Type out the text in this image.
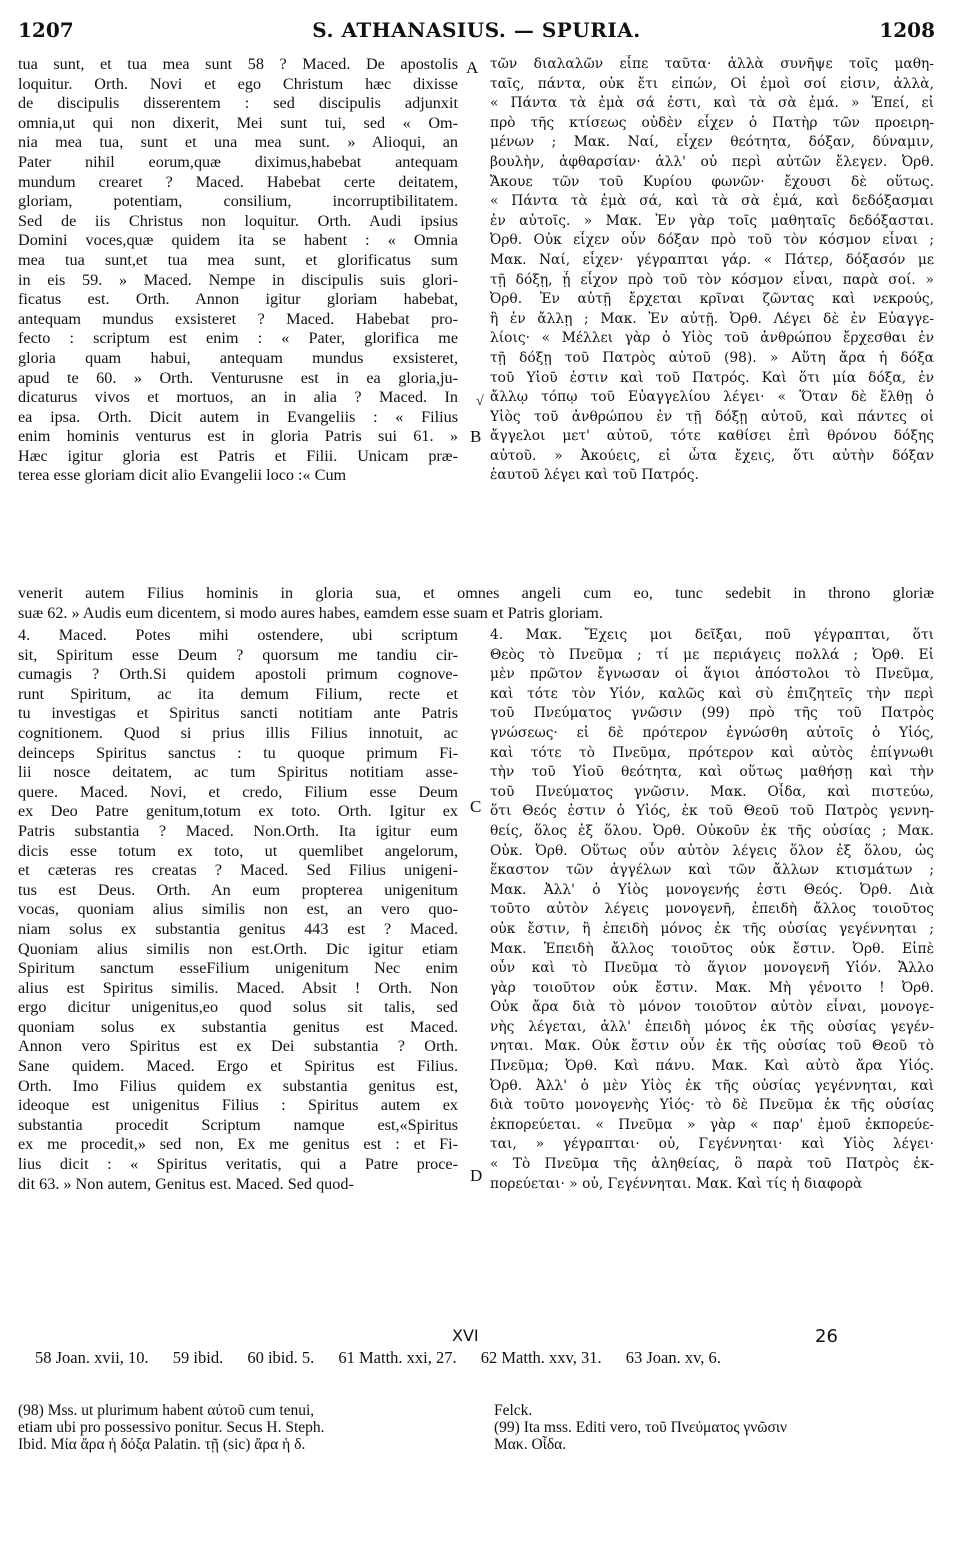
1207	S. ATHANASIUS. — SPURIA.	1208
tua sunt, et tua mea sunt 58 ? Maced. De apostolis
loquitur. Orth. Novi et ego Christum hæc dixisse
de discipulis disserentem : sed discipulis adjunxit
omnia,ut qui non dixerit, Mei sunt tui, sed « Om-
nia mea tua, sunt et una mea sunt. » Alioqui, an
Pater nihil eorum,quæ diximus,habebat antequam
mundum crearet ? Maced. Habebat certe deitatem,
gloriam, potentiam, consilium, incorruptibilitatem.
Sed de iis Christus non loquitur. Orth. Audi ipsius
Domini voces,quæ quidem ita se habent : « Omnia
mea tua sunt,et tua mea sunt, et glorificatus sum
in eis 59. » Maced. Nempe in discipulis suis glori-
ficatus est. Orth. Annon igitur gloriam habebat,
antequam mundus exsisteret ? Maced. Habebat pro-
fecto : scriptum est enim : « Pater, glorifica me
gloria quam habui, antequam mundus exsisteret,
apud te 60. » Orth. Venturusne est in ea gloria,ju-
dicaturus vivos et mortuos, an in alia ? Maced. In
ea ipsa. Orth. Dicit autem in Evangeliis : « Filius
enim hominis venturus est in gloria Patris sui 61. »
Hæc igitur gloria est Patris et Filii. Unicam præ-
terea esse gloriam dicit alio Evangelii loco :« Cum
τῶν διαλαλῶν εἶπε ταῦτα· ἀλλὰ συνῆψε τοῖς μαθη-
ταῖς, πάντα, οὐκ ἔτι εἰπών, Οἱ ἐμοὶ σοί εἰσιν, ἀλλὰ,
« Πάντα τὰ ἐμὰ σά ἐστι, καὶ τὰ σὰ ἐμά. » Ἐπεί, εἰ
πρὸ τῆς κτίσεως οὐδὲν εἶχεν ὁ Πατὴρ τῶν προειρη-
μένων ; Μακ. Ναί, εἶχεν θεότητα, δόξαν, δύναμιν,
βουλὴν, ἀφθαρσίαν· ἀλλ' οὐ περὶ αὐτῶν ἔλεγεν. Ὀρθ.
Ἄκουε τῶν τοῦ Κυρίου φωνῶν· ἔχουσι δὲ οὕτως.
« Πάντα τὰ ἐμὰ σά, καὶ τὰ σὰ ἐμά, καὶ δεδόξασμαι
ἐν αὐτοῖς. » Μακ. Ἐν γὰρ τοῖς μαθηταῖς δεδόξασται.
Ὀρθ. Οὐκ εἶχεν οὖν δόξαν πρὸ τοῦ τὸν κόσμον εἶναι ;
Μακ. Ναί, εἶχεν· γέγραπται γάρ. « Πάτερ, δόξασόν με
τῇ δόξῃ, ᾗ εἶχον πρὸ τοῦ τὸν κόσμον εἶναι, παρὰ σοί. »
Ὀρθ. Ἐν αὐτῇ ἔρχεται κρῖναι ζῶντας καὶ νεκρούς,
ἢ ἐν ἄλλῃ ; Μακ. Ἐν αὐτῇ. Ὀρθ. Λέγει δὲ ἐν Εὐαγγε-
λίοις· « Μέλλει γὰρ ὁ Υἱὸς τοῦ ἀνθρώπου ἔρχεσθαι ἐν
τῇ δόξῃ τοῦ Πατρὸς αὐτοῦ (98). » Αὕτη ἄρα ἡ δόξα
τοῦ Υἱοῦ ἐστιν καὶ τοῦ Πατρός. Καὶ ὅτι μία δόξα, ἐν
ἄλλῳ τόπῳ τοῦ Εὐαγγελίου λέγει· « Ὅταν δὲ ἔλθῃ ὁ
Υἱὸς τοῦ ἀνθρώπου ἐν τῇ δόξῃ αὐτοῦ, καὶ πάντες οἱ
ἄγγελοι μετ' αὐτοῦ, τότε καθίσει ἐπὶ θρόνου δόξης
αὐτοῦ. » Ἀκούεις, εἰ ὦτα ἔχεις, ὅτι αὐτὴν δόξαν
ἑαυτοῦ λέγει καὶ τοῦ Πατρός.
A
B
C
D
√
venerit autem Filius hominis in gloria sua, et omnes angeli cum eo, tunc sedebit in throno gloriæ
suæ 62. » Audis eum dicentem, si modo aures habes, eamdem esse suam et Patris gloriam.
4. Maced. Potes mihi ostendere, ubi scriptum
sit, Spiritum esse Deum ? quorsum me tandiu cir-
cumagis ? Orth.Si quidem apostoli primum cognove-
runt Spiritum, ac ita demum Filium, recte et
tu investigas et Spiritus sancti notitiam ante Patris
cognitionem. Quod si prius illis Filius innotuit, ac
deinceps Spiritus sanctus : tu quoque primum Fi-
lii nosce deitatem, ac tum Spiritus notitiam asse-
quere. Maced. Novi, et credo, Filium esse Deum
ex Deo Patre genitum,totum ex toto. Orth. Igitur ex
Patris substantia ? Maced. Non.Orth. Ita igitur eum
dicis esse totum ex toto, ut quemlibet angelorum,
et cæteras res creatas ? Maced. Sed Filius unigeni-
tus est Deus. Orth. An eum propterea unigenitum
vocas, quoniam alius similis non est, an vero quo-
niam solus ex substantia genitus 443 est ? Maced.
Quoniam alius similis non est.Orth. Dic igitur etiam
Spiritum sanctum esseFilium unigenitum Nec enim
alius est Spiritus similis. Maced. Absit ! Orth. Non
ergo dicitur unigenitus,eo quod solus sit talis, sed
quoniam solus ex substantia genitus est Maced.
Annon vero Spiritus est ex Dei substantia ? Orth.
Sane quidem. Maced. Ergo et Spiritus est Filius.
Orth. Imo Filius quidem ex substantia genitus est,
ideoque est unigenitus Filius : Spiritus autem ex
substantia procedit Scriptum namque est,«Spiritus
ex me procedit,» sed non, Ex me genitus est : et Fi-
lius dicit : « Spiritus veritatis, qui a Patre proce-
dit 63. » Non autem, Genitus est. Maced. Sed quod-
4. Μακ. Ἔχεις μοι δεῖξαι, ποῦ γέγραπται, ὅτι
Θεὸς τὸ Πνεῦμα ; τί με περιάγεις πολλά ; Ὀρθ. Εἰ
μὲν πρῶτον ἔγνωσαν οἱ ἅγιοι ἀπόστολοι τὸ Πνεῦμα,
καὶ τότε τὸν Υἱόν, καλῶς καὶ σὺ ἐπιζητεῖς τὴν περὶ
τοῦ Πνεύματος γνῶσιν (99) πρὸ τῆς τοῦ Πατρὸς
γνώσεως· εἰ δὲ πρότερον ἐγνώσθη αὐτοῖς ὁ Υἱός,
καὶ τότε τὸ Πνεῦμα, πρότερον καὶ αὐτὸς ἐπίγνωθι
τὴν τοῦ Υἱοῦ θεότητα, καὶ οὕτως μαθήσῃ καὶ τὴν
τοῦ Πνεύματος γνῶσιν. Μακ. Οἶδα, καὶ πιστεύω,
ὅτι Θεός ἐστιν ὁ Υἱός, ἐκ τοῦ Θεοῦ τοῦ Πατρὸς γεννη-
θείς, ὅλος ἐξ ὅλου. Ὀρθ. Οὐκοῦν ἐκ τῆς οὐσίας ; Μακ.
Οὐκ. Ὀρθ. Οὕτως οὖν αὐτὸν λέγεις ὅλον ἐξ ὅλου, ὡς
ἕκαστον τῶν ἀγγέλων καὶ τῶν ἄλλων κτισμάτων ;
Μακ. Ἀλλ' ὁ Υἱὸς μονογενής ἐστι Θεός. Ὀρθ. Διὰ
τοῦτο αὐτὸν λέγεις μονογενῆ, ἐπειδὴ ἄλλος τοιοῦτος
οὐκ ἔστιν, ἢ ἐπειδὴ μόνος ἐκ τῆς οὐσίας γεγέννηται ;
Μακ. Ἐπειδὴ ἄλλος τοιοῦτος οὐκ ἔστιν. Ὀρθ. Εἰπὲ
οὖν καὶ τὸ Πνεῦμα τὸ ἅγιον μονογενῆ Υἱόν. Ἄλλο
γὰρ τοιοῦτον οὐκ ἔστιν. Μακ. Μὴ γένοιτο ! Ὀρθ.
Οὐκ ἄρα διὰ τὸ μόνον τοιοῦτον αὐτὸν εἶναι, μονογε-
νὴς λέγεται, ἀλλ' ἐπειδὴ μόνος ἐκ τῆς οὐσίας γεγέν-
νηται. Μακ. Οὐκ ἔστιν οὖν ἐκ τῆς οὐσίας τοῦ Θεοῦ τὸ
Πνεῦμα; Ὀρθ. Καὶ πάνυ. Μακ. Καὶ αὐτὸ ἄρα Υἱός.
Ὀρθ. Ἀλλ' ὁ μὲν Υἱὸς ἐκ τῆς οὐσίας γεγέννηται, καὶ
διὰ τοῦτο μονογενὴς Υἱός· τὸ δὲ Πνεῦμα ἐκ τῆς οὐσίας
ἐκπορεύεται. « Πνεῦμα » γὰρ « παρ' ἐμοῦ ἐκπορεύε-
ται, » γέγραπται· οὐ, Γεγέννηται· καὶ Υἱὸς λέγει·
« Τὸ Πνεῦμα τῆς ἀληθείας, ὃ παρὰ τοῦ Πατρὸς ἐκ-
πορεύεται· » οὐ, Γεγέννηται. Μακ. Καὶ τίς ἡ διαφορὰ
XVI	26
58 Joan. xvii, 10. 59 ibid. 60 ibid. 5. 61 Matth. xxi, 27. 62 Matth. xxv, 31. 63 Joan. xv, 6.
(98) Mss. ut plurimum habent αὐτοῦ cum tenui,
etiam ubi pro possessivo ponitur. Secus H. Steph.
Ibid. Μία ἄρα ἡ δόξα Palatin. τῇ (sic) ἄρα ἡ δ.
Felck.
(99) Ita mss. Editi vero, τοῦ Πνεύματος γνῶσιν
Μακ. Οἶδα.
